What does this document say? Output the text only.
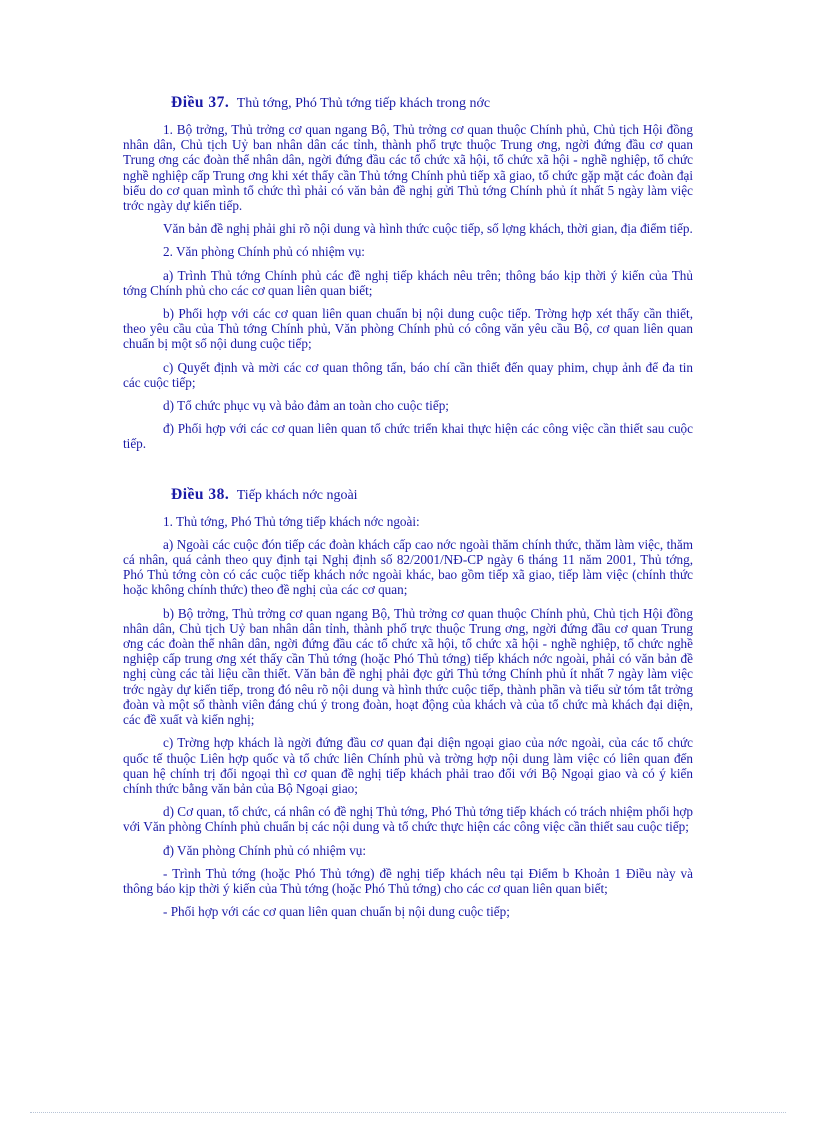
Điều 37. Thủ tớng, Phó Thủ tớng tiếp khách trong nớc

1. Bộ trởng, Thủ trởng cơ quan ngang Bộ, Thủ trởng cơ quan thuộc Chính phủ, Chủ tịch Hội đồng nhân dân, Chủ tịch Uỷ ban nhân dân các tỉnh, thành phố trực thuộc Trung ơng, ngời đứng đầu cơ quan Trung ơng các đoàn thể nhân dân, ngời đứng đầu các tổ chức xã hội, tổ chức xã hội - nghề nghiệp, tổ chức nghề nghiệp cấp Trung ơng khi xét thấy cần Thủ tớng Chính phủ tiếp xã giao, tổ chức gặp mặt các đoàn đại biểu do cơ quan mình tổ chức thì phải có văn bản đề nghị gửi Thủ tớng Chính phủ ít nhất 5 ngày làm việc trớc ngày dự kiến tiếp.

Văn bản đề nghị phải ghi rõ nội dung và hình thức cuộc tiếp, số lợng khách, thời gian, địa điểm tiếp.

2. Văn phòng Chính phủ có nhiệm vụ:

a) Trình Thủ tớng Chính phủ các đề nghị tiếp khách nêu trên; thông báo kịp thời ý kiến của Thủ tớng Chính phủ cho các cơ quan liên quan biết;

b) Phối hợp với các cơ quan liên quan chuẩn bị nội dung cuộc tiếp. Trờng hợp xét thấy cần thiết, theo yêu cầu của Thủ tớng Chính phủ, Văn phòng Chính phủ có công văn yêu cầu Bộ, cơ quan liên quan chuẩn bị một số nội dung cuộc tiếp;

c) Quyết định và mời các cơ quan thông tấn, báo chí cần thiết đến quay phim, chụp ảnh để đa tin các cuộc tiếp;

d) Tổ chức phục vụ và bảo đảm an toàn cho cuộc tiếp;

đ) Phối hợp với các cơ quan liên quan tổ chức triển khai thực hiện các công việc cần thiết sau cuộc tiếp.

Điều 38. Tiếp khách nớc ngoài

1. Thủ tớng, Phó Thủ tớng tiếp khách nớc ngoài:

a) Ngoài các cuộc đón tiếp các đoàn khách cấp cao nớc ngoài thăm chính thức, thăm làm việc, thăm cá nhân, quá cảnh theo quy định tại Nghị định số 82/2001/NĐ-CP ngày 6 tháng 11 năm 2001, Thủ tớng, Phó Thủ tớng còn có các cuộc tiếp khách nớc ngoài khác, bao gồm tiếp xã giao, tiếp làm việc (chính thức hoặc không chính thức) theo đề nghị của các cơ quan;

b) Bộ trởng, Thủ trởng cơ quan ngang Bộ, Thủ trởng cơ quan thuộc Chính phủ, Chủ tịch Hội đồng nhân dân, Chủ tịch Uỷ ban nhân dân tỉnh, thành phố trực thuộc Trung ơng, ngời đứng đầu cơ quan Trung ơng các đoàn thể nhân dân, ngời đứng đầu các tổ chức xã hội, tổ chức xã hội - nghề nghiệp, tổ chức nghề nghiệp cấp trung ơng xét thấy cần Thủ tớng (hoặc Phó Thủ tớng) tiếp khách nớc ngoài, phải có văn bản đề nghị cùng các tài liệu cần thiết. Văn bản đề nghị phải đợc gửi Thủ tớng Chính phủ ít nhất 7 ngày làm việc trớc ngày dự kiến tiếp, trong đó nêu rõ nội dung và hình thức cuộc tiếp, thành phần và tiểu sử tóm tắt trởng đoàn và một số thành viên đáng chú ý trong đoàn, hoạt động của khách và của tổ chức mà khách đại diện, các đề xuất và kiến nghị;

c) Trờng hợp khách là ngời đứng đầu cơ quan đại diện ngoại giao của nớc ngoài, của các tổ chức quốc tế thuộc Liên hợp quốc và tổ chức liên Chính phủ và trờng hợp nội dung làm việc có liên quan đến quan hệ chính trị đối ngoại thì cơ quan đề nghị tiếp khách phải trao đổi với Bộ Ngoại giao và có ý kiến chính thức bằng văn bản của Bộ Ngoại giao;

d) Cơ quan, tổ chức, cá nhân có đề nghị Thủ tớng, Phó Thủ tớng tiếp khách có trách nhiệm phối hợp với Văn phòng Chính phủ chuẩn bị các nội dung và tổ chức thực hiện các công việc cần thiết sau cuộc tiếp;

đ) Văn phòng Chính phủ có nhiệm vụ:

- Trình Thủ tớng (hoặc Phó Thủ tớng) đề nghị tiếp khách nêu tại Điểm b Khoản 1 Điều này và thông báo kịp thời ý kiến của Thủ tớng (hoặc Phó Thủ tớng) cho các cơ quan liên quan biết;

- Phối hợp với các cơ quan liên quan chuẩn bị nội dung cuộc tiếp;
